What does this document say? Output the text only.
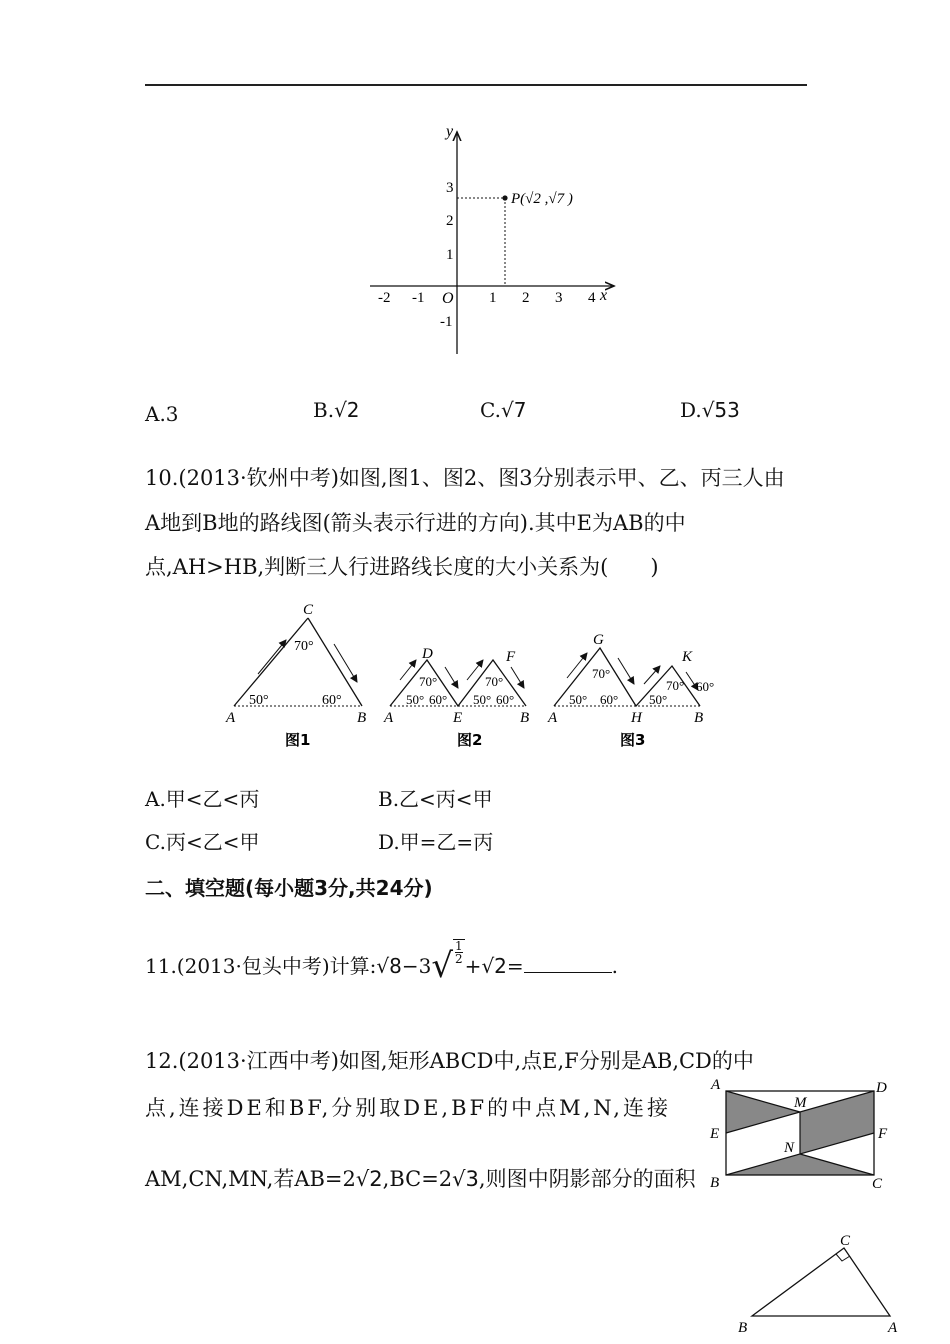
y
x
O
-2 -1	1 2 3 4
3
2
1
-1
P(√2 ,√7 )
A.3	B.√2	C.√7	D.√53
10.(2013·钦州中考)如图,图1、图2、图3分别表示甲、乙、丙三人由
A地到B地的路线图(箭头表示行进的方向).其中E为AB的中
点,AH>HB,判断三人行进路线长度的大小关系为(　　)
C
70°
50°	60°
A	B
图1
D	F
70°	70°
50° 60° 50° 60°
A	E	B
图2
G
K
70°
70°
50° 60° 50°
60°
A	H	B
图3
A.甲<乙<丙	B.乙<丙<甲
C.丙<乙<甲	D.甲=乙=丙
二、填空题(每小题3分,共24分)
11.(2013·包头中考)计算:√8−3√ $\frac{1}{2}$
+√2=	.
12.(2013·江西中考)如图,矩形ABCD中,点E,F分别是AB,CD的中
点,连接DE和BF,分别取DE,BF的中点M,N,连接
AM,CN,MN,若AB=2√2,BC=2√3,则图中阴影部分的面积
A	D
E	F
B	C
M
N
C
B	A
